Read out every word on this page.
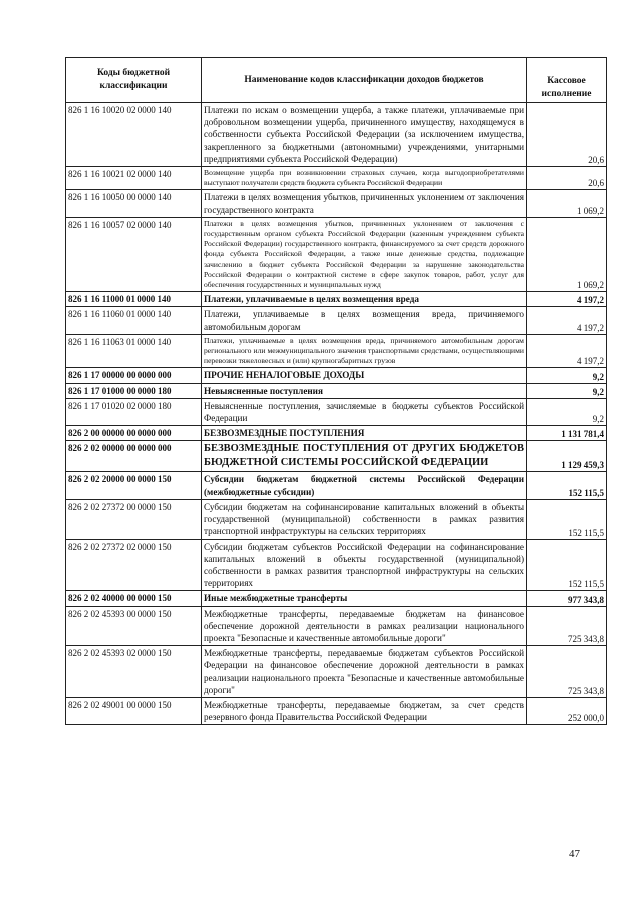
Коды бюджетной классификации	Наименование кодов классификации доходов бюджетов	Кассовое исполнение
826 1 16 10020 02 0000 140	Платежи по искам о возмещении ущерба, а также платежи, уплачиваемые при добровольном возмещении ущерба, причиненного имуществу, находящемуся в собственности субъекта Российской Федерации (за исключением имущества, закрепленного за бюджетными (автономными) учреждениями, унитарными предприятиями субъекта Российской Федерации)	20,6
826 1 16 10021 02 0000 140	Возмещение ущерба при возникновении страховых случаев, когда выгодоприобретателями выступают получатели средств бюджета субъекта Российской Федерации	20,6
826 1 16 10050 00 0000 140	Платежи в целях возмещения убытков, причиненных уклонением от заключения государственного контракта	1 069,2
826 1 16 10057 02 0000 140	Платежи в целях возмещения убытков, причиненных уклонением от заключения с государственным органом субъекта Российской Федерации (казенным учреждением субъекта Российской Федерации) государственного контракта, финансируемого за счет средств дорожного фонда субъекта Российской Федерации, а также иные денежные средства, подлежащие зачислению в бюджет субъекта Российской Федерации за нарушение законодательства Российской Федерации о контрактной системе в сфере закупок товаров, работ, услуг для обеспечения государственных и муниципальных нужд	1 069,2
826 1 16 11000 01 0000 140	Платежи, уплачиваемые в целях возмещения вреда	4 197,2
826 1 16 11060 01 0000 140	Платежи, уплачиваемые в целях возмещения вреда, причиняемого автомобильным дорогам	4 197,2
826 1 16 11063 01 0000 140	Платежи, уплачиваемые в целях возмещения вреда, причиняемого автомобильным дорогам регионального или межмуниципального значения транспортными средствами, осуществляющими перевозки тяжеловесных и (или) крупногабаритных грузов	4 197,2
826 1 17 00000 00 0000 000	ПРОЧИЕ НЕНАЛОГОВЫЕ ДОХОДЫ	9,2
826 1 17 01000 00 0000 180	Невыясненные поступления	9,2
826 1 17 01020 02 0000 180	Невыясненные поступления, зачисляемые в бюджеты субъектов Российской Федерации	9,2
826 2 00 00000 00 0000 000	БЕЗВОЗМЕЗДНЫЕ ПОСТУПЛЕНИЯ	1 131 781,4
826 2 02 00000 00 0000 000	БЕЗВОЗМЕЗДНЫЕ ПОСТУПЛЕНИЯ ОТ ДРУГИХ БЮДЖЕТОВ БЮДЖЕТНОЙ СИСТЕМЫ РОССИЙСКОЙ ФЕДЕРАЦИИ	1 129 459,3
826 2 02 20000 00 0000 150	Субсидии бюджетам бюджетной системы Российской Федерации (межбюджетные субсидии)	152 115,5
826 2 02 27372 00 0000 150	Субсидии бюджетам на софинансирование капитальных вложений в объекты государственной (муниципальной) собственности в рамках развития транспортной инфраструктуры на сельских территориях	152 115,5
826 2 02 27372 02 0000 150	Субсидии бюджетам субъектов Российской Федерации на софинансирование капитальных вложений в объекты государственной (муниципальной) собственности в рамках развития транспортной инфраструктуры на сельских территориях	152 115,5
826 2 02 40000 00 0000 150	Иные межбюджетные трансферты	977 343,8
826 2 02 45393 00 0000 150	Межбюджетные трансферты, передаваемые бюджетам на финансовое обеспечение дорожной деятельности в рамках реализации национального проекта "Безопасные и качественные автомобильные дороги"	725 343,8
826 2 02 45393 02 0000 150	Межбюджетные трансферты, передаваемые бюджетам субъектов Российской Федерации на финансовое обеспечение дорожной деятельности в рамках реализации национального проекта "Безопасные и качественные автомобильные дороги"	725 343,8
826 2 02 49001 00 0000 150	Межбюджетные трансферты, передаваемые бюджетам, за счет средств резервного фонда Правительства Российской Федерации	252 000,0
47
